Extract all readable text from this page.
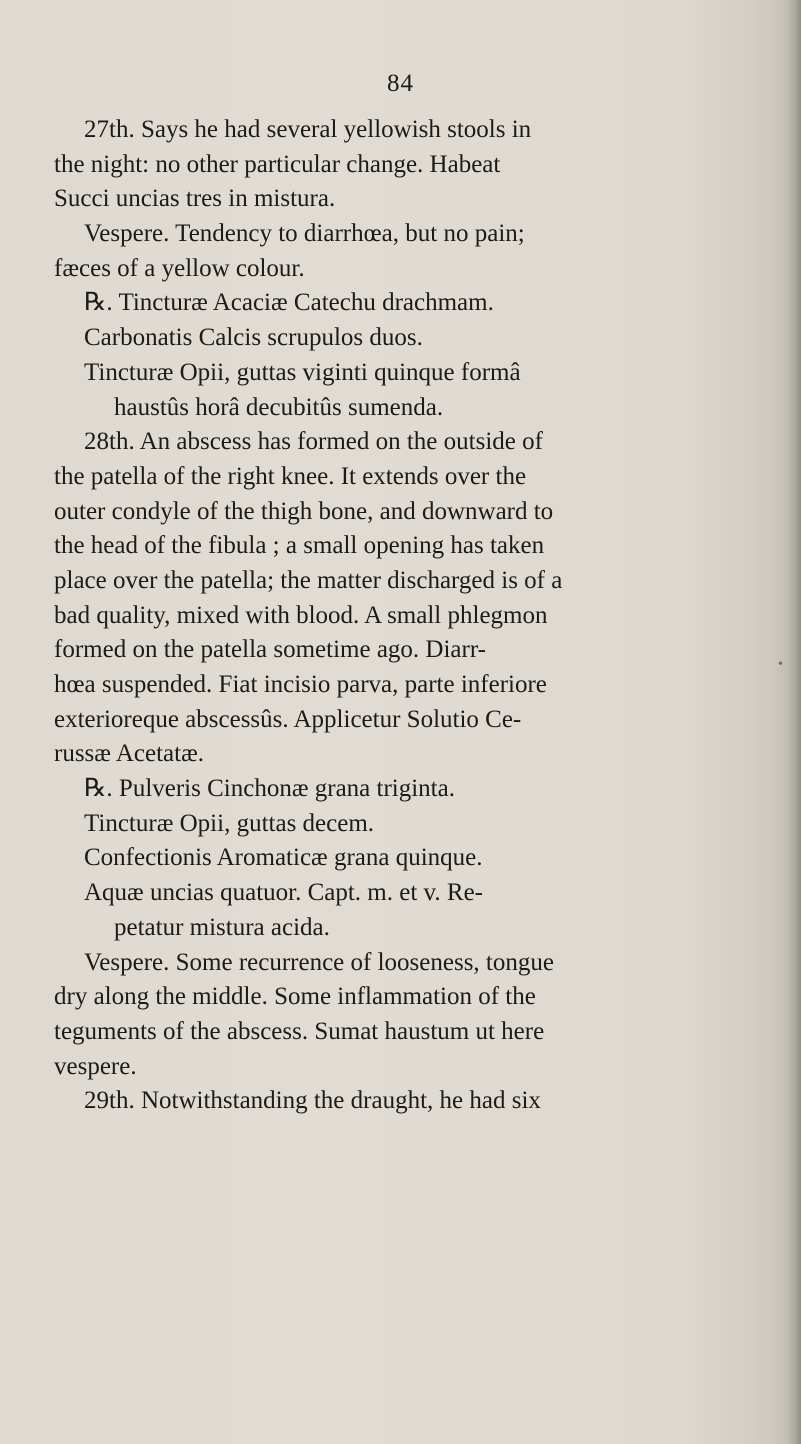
84
27th. Says he had several yellowish stools in
the night: no other particular change. Habeat
Succi uncias tres in mistura.
Vespere. Tendency to diarrhœa, but no pain;
fæces of a yellow colour.
℞. Tincturæ Acaciæ Catechu drachmam.
Carbonatis Calcis scrupulos duos.
Tincturæ Opii, guttas viginti quinque formâ
haustûs horâ decubitûs sumenda.
28th. An abscess has formed on the outside of
the patella of the right knee. It extends over the
outer condyle of the thigh bone, and downward to
the head of the fibula ; a small opening has taken
place over the patella; the matter discharged is of a
bad quality, mixed with blood. A small phlegmon
formed on the patella sometime ago. Diarr-
hœa suspended. Fiat incisio parva, parte inferiore
exterioreque abscessûs. Applicetur Solutio Ce-
russæ Acetatæ.
℞. Pulveris Cinchonæ grana triginta.
Tincturæ Opii, guttas decem.
Confectionis Aromaticæ grana quinque.
Aquæ uncias quatuor. Capt. m. et v. Re-
petatur mistura acida.
Vespere. Some recurrence of looseness, tongue
dry along the middle. Some inflammation of the
teguments of the abscess. Sumat haustum ut here
vespere.
29th. Notwithstanding the draught, he had six
•
